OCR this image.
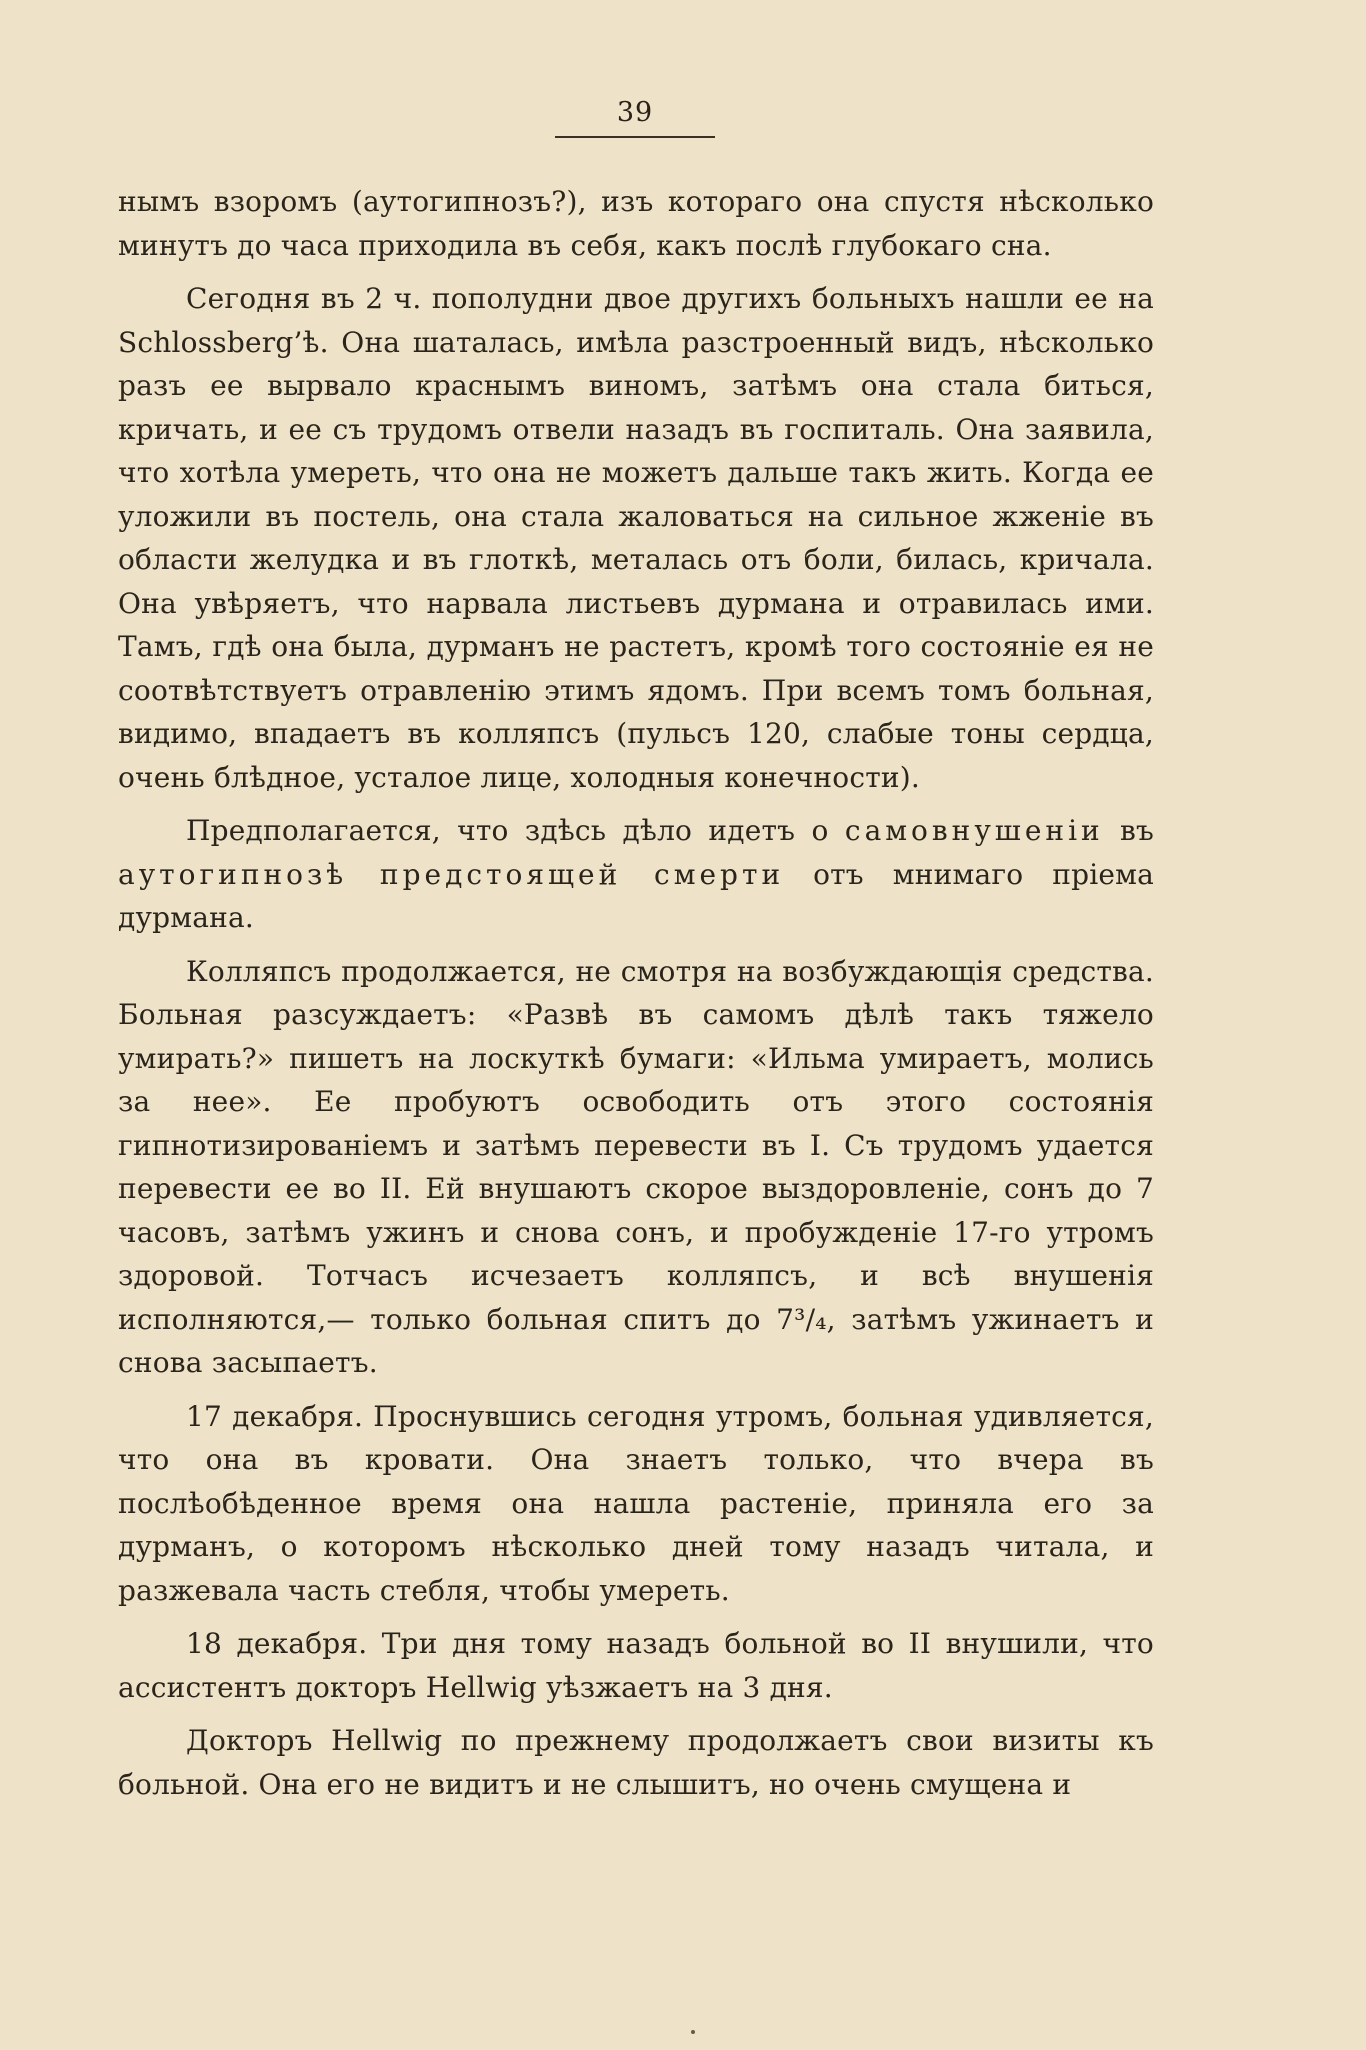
39

нымъ взоромъ (аутогипнозъ?), изъ котораго она спустя нѣсколько минутъ до часа приходила въ себя, какъ послѣ глубокаго сна.

Сегодня въ 2 ч. пополудни двое другихъ больныхъ нашли ее на Schlossberg’ѣ. Она шаталась, имѣла разстроенный видъ, нѣсколько разъ ее вырвало краснымъ виномъ, затѣмъ она стала биться, кричать, и ее съ трудомъ отвели назадъ въ госпиталь. Она заявила, что хотѣла умереть, что она не можетъ дальше такъ жить. Когда ее уложили въ постель, она стала жаловаться на сильное жженіе въ области желудка и въ глоткѣ, металась отъ боли, билась, кричала. Она увѣряетъ, что нарвала листьевъ дурмана и отравилась ими. Тамъ, гдѣ она была, дурманъ не растетъ, кромѣ того состояніе ея не соотвѣтствуетъ отравленію этимъ ядомъ. При всемъ томъ больная, видимо, впадаетъ въ колляпсъ (пульсъ 120, слабые тоны сердца, очень блѣдное, усталое лице, холодныя конечности).

Предполагается, что здѣсь дѣло идетъ о самовнушеніи въ аутогипнозѣ предстоящей смерти отъ мнимаго пріема дурмана.

Колляпсъ продолжается, не смотря на возбуждающія средства. Больная разсуждаетъ: «Развѣ въ самомъ дѣлѣ такъ тяжело умирать?» пишетъ на лоскуткѣ бумаги: «Ильма умираетъ, молись за нее». Ее пробуютъ освободить отъ этого состоянія гипнотизированіемъ и затѣмъ перевести въ I. Съ трудомъ удается перевести ее во II. Ей внушаютъ скорое выздоровленіе, сонъ до 7 часовъ, затѣмъ ужинъ и снова сонъ, и пробужденіе 17-го утромъ здоровой. Тотчасъ исчезаетъ колляпсъ, и всѣ внушенія исполняются,— только больная спитъ до 7³/₄, затѣмъ ужинаетъ и снова засыпаетъ.

17 декабря. Проснувшись сегодня утромъ, больная удивляется, что она въ кровати. Она знаетъ только, что вчера въ послѣобѣденное время она нашла растеніе, приняла его за дурманъ, о которомъ нѣсколько дней тому назадъ читала, и разжевала часть стебля, чтобы умереть.

18 декабря. Три дня тому назадъ больной во II внушили, что ассистентъ докторъ Hellwig уѣзжаетъ на 3 дня.

Докторъ Hellwig по прежнему продолжаетъ свои визиты къ больной. Она его не видитъ и не слышитъ, но очень смущена и
